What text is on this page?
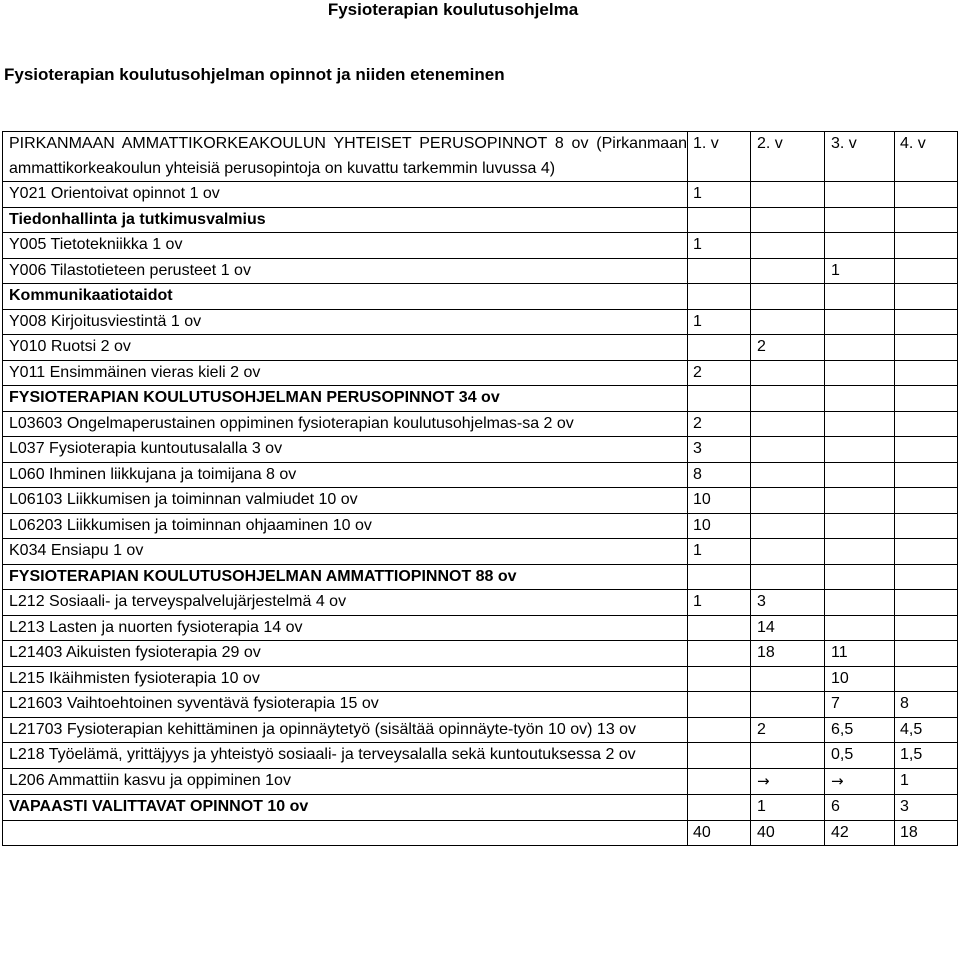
Fysioterapian koulutusohjelma
Fysioterapian koulutusohjelman opinnot ja niiden eteneminen
PIRKANMAAN AMMATTIKORKEAKOULUN YHTEISET PERUSOPINNOT 8 ov (Pirkanmaan ammattikorkeakoulun yhteisiä perusopintoja on kuvattu tarkemmin luvussa 4)	1. v	2. v	3. v	4. v
Y021 Orientoivat opinnot 1 ov	1			
Tiedonhallinta ja tutkimusvalmius				
Y005 Tietotekniikka 1 ov	1			
Y006 Tilastotieteen perusteet 1 ov			1	
Kommunikaatiotaidot				
Y008 Kirjoitusviestintä 1 ov	1			
Y010 Ruotsi 2 ov		2		
Y011 Ensimmäinen vieras kieli 2 ov	2			
FYSIOTERAPIAN KOULUTUSOHJELMAN PERUSOPINNOT 34 ov				
L03603 Ongelmaperustainen oppiminen fysioterapian koulutusohjelmas-sa 2 ov	2			
L037 Fysioterapia kuntoutusalalla 3 ov	3			
L060 Ihminen liikkujana ja toimijana 8 ov	8			
L06103 Liikkumisen ja toiminnan valmiudet 10 ov	10			
L06203 Liikkumisen ja toiminnan ohjaaminen 10 ov	10			
K034 Ensiapu 1 ov	1			
FYSIOTERAPIAN KOULUTUSOHJELMAN AMMATTIOPINNOT 88 ov				
L212 Sosiaali- ja terveyspalvelujärjestelmä 4 ov	1	3		
L213 Lasten ja nuorten fysioterapia 14 ov		14		
L21403 Aikuisten fysioterapia 29 ov		18	11	
L215 Ikäihmisten fysioterapia 10 ov			10	
L21603 Vaihtoehtoinen syventävä fysioterapia 15 ov			7	8
L21703 Fysioterapian kehittäminen ja opinnäytetyö (sisältää opinnäyte-työn 10 ov) 13 ov		2	6,5	4,5
L218 Työelämä, yrittäjyys ja yhteistyö sosiaali- ja terveysalalla sekä kuntoutuksessa 2 ov			0,5	1,5
L206 Ammattiin kasvu ja oppiminen 1ov		→	→	1
VAPAASTI VALITTAVAT OPINNOT 10 ov		1	6	3
	40	40	42	18
